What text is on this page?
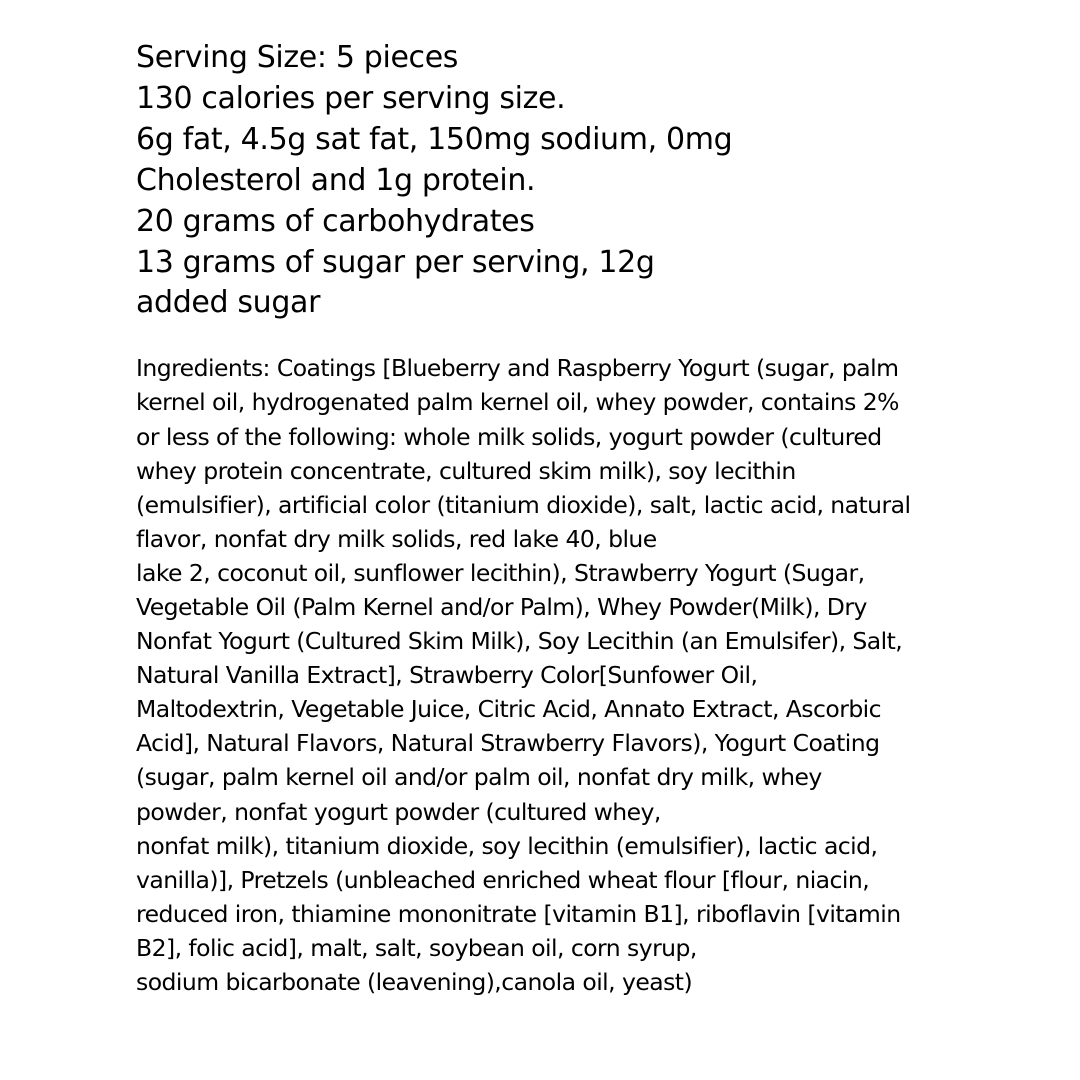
Serving Size: 5 pieces
130 calories per serving size.
6g fat, 4.5g sat fat, 150mg sodium, 0mg
Cholesterol and 1g protein.
20 grams of carbohydrates
13 grams of sugar per serving, 12g
added sugar
Ingredients: Coatings [Blueberry and Raspberry Yogurt (sugar, palm
kernel oil, hydrogenated palm kernel oil, whey powder, contains 2%
or less of the following: whole milk solids, yogurt powder (cultured
whey protein concentrate, cultured skim milk), soy lecithin
(emulsifier), artificial color (titanium dioxide), salt, lactic acid, natural
flavor, nonfat dry milk solids, red lake 40, blue
lake 2, coconut oil, sunflower lecithin), Strawberry Yogurt (Sugar,
Vegetable Oil (Palm Kernel and/or Palm), Whey Powder(Milk), Dry
Nonfat Yogurt (Cultured Skim Milk), Soy Lecithin (an Emulsifer), Salt,
Natural Vanilla Extract], Strawberry Color[Sunfower Oil,
Maltodextrin, Vegetable Juice, Citric Acid, Annato Extract, Ascorbic
Acid], Natural Flavors, Natural Strawberry Flavors), Yogurt Coating
(sugar, palm kernel oil and/or palm oil, nonfat dry milk, whey
powder, nonfat yogurt powder (cultured whey,
nonfat milk), titanium dioxide, soy lecithin (emulsifier), lactic acid,
vanilla)], Pretzels (unbleached enriched wheat flour [flour, niacin,
reduced iron, thiamine mononitrate [vitamin B1], riboflavin [vitamin
B2], folic acid], malt, salt, soybean oil, corn syrup,
sodium bicarbonate (leavening),canola oil, yeast)
